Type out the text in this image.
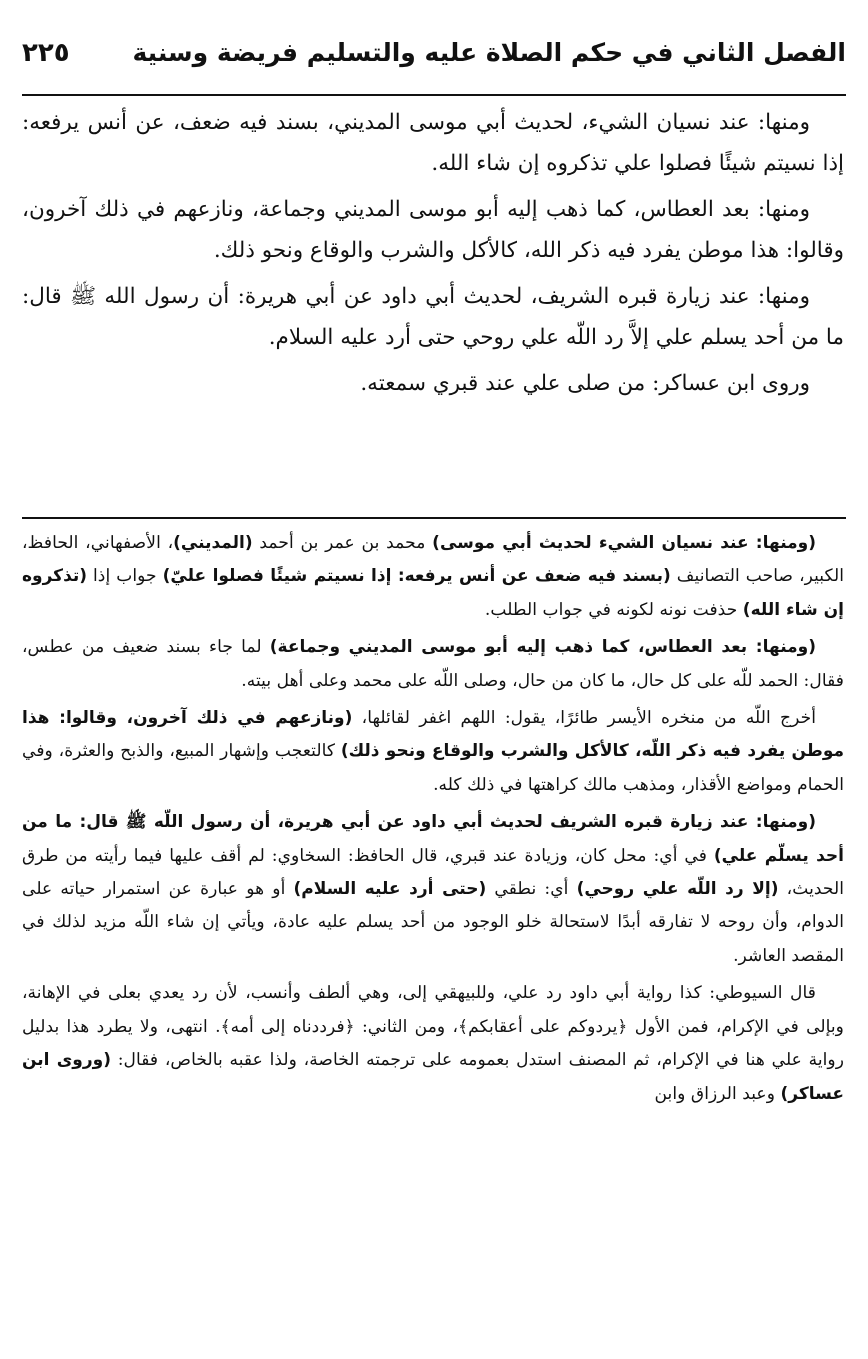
الفصل الثاني في حكم الصلاة عليه والتسليم فريضة وسنية
٢٢٥

ومنها: عند نسيان الشيء، لحديث أبي موسى المديني، بسند فيه ضعف، عن أنس يرفعه: إذا نسيتم شيئًا فصلوا علي تذكروه إن شاء الله.

ومنها: بعد العطاس، كما ذهب إليه أبو موسى المديني وجماعة، ونازعهم في ذلك آخرون، وقالوا: هذا موطن يفرد فيه ذكر الله، كالأكل والشرب والوقاع ونحو ذلك.

ومنها: عند زيارة قبره الشريف، لحديث أبي داود عن أبي هريرة: أن رسول الله ﷺ قال: ما من أحد يسلم علي إلاَّ رد اللّه علي روحي حتى أرد عليه السلام.

وروى ابن عساكر: من صلى علي عند قبري سمعته.

(ومنها: عند نسيان الشيء لحديث أبي موسى) محمد بن عمر بن أحمد (المديني)، الأصفهاني، الحافظ، الكبير، صاحب التصانيف (بسند فيه ضعف عن أنس يرفعه: إذا نسيتم شيئًا فصلوا عليّ) جواب إذا (تذكروه إن شاء الله) حذفت نونه لكونه في جواب الطلب.

(ومنها: بعد العطاس، كما ذهب إليه أبو موسى المديني وجماعة) لما جاء بسند ضعيف من عطس، فقال: الحمد للّه على كل حال، ما كان من حال، وصلى اللّه على محمد وعلى أهل بيته.

أخرج اللّه من منخره الأيسر طائرًا، يقول: اللهم اغفر لقائلها، (ونازعهم في ذلك آخرون، وقالوا: هذا موطن يفرد فيه ذكر اللّه، كالأكل والشرب والوقاع ونحو ذلك) كالتعجب وإشهار المبيع، والذبح والعثرة، وفي الحمام ومواضع الأقذار، ومذهب مالك كراهتها في ذلك كله.

(ومنها: عند زيارة قبره الشريف لحديث أبي داود عن أبي هريرة، أن رسول اللّه ﷺ قال: ما من أحد يسلّم علي) في أي: محل كان، وزيادة عند قبري، قال الحافظ: السخاوي: لم أقف عليها فيما رأيته من طرق الحديث، (إلا رد اللّه علي روحي) أي: نطقي (حتى أرد عليه السلام) أو هو عبارة عن استمرار حياته على الدوام، وأن روحه لا تفارقه أبدًا لاستحالة خلو الوجود من أحد يسلم عليه عادة، ويأتي إن شاء اللّه مزيد لذلك في المقصد العاشر.

قال السيوطي: كذا رواية أبي داود رد علي، وللبيهقي إلى، وهي ألطف وأنسب، لأن رد يعدي بعلى في الإهانة، وبإلى في الإكرام، فمن الأول ﴿يردوكم على أعقابكم﴾، ومن الثاني: ﴿فرددناه إلى أمه﴾. انتهى، ولا يطرد هذا بدليل رواية علي هنا في الإكرام، ثم المصنف استدل بعمومه على ترجمته الخاصة، ولذا عقبه بالخاص، فقال: (وروى ابن عساكر) وعبد الرزاق وابن
